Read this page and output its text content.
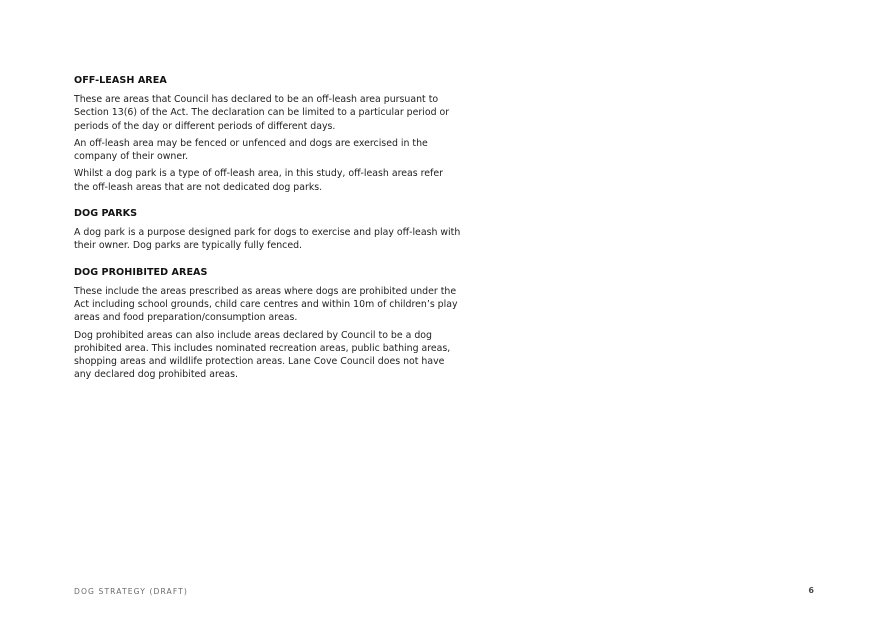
OFF-LEASH AREA

These are areas that Council has declared to be an off-leash area pursuant to
Section 13(6) of the Act. The declaration can be limited to a particular period or
periods of the day or different periods of different days.

An off-leash area may be fenced or unfenced and dogs are exercised in the
company of their owner.

Whilst a dog park is a type of off-leash area, in this study, off-leash areas refer
the off-leash areas that are not dedicated dog parks.

DOG PARKS

A dog park is a purpose designed park for dogs to exercise and play off-leash with
their owner. Dog parks are typically fully fenced.

DOG PROHIBITED AREAS

These include the areas prescribed as areas where dogs are prohibited under the
Act including school grounds, child care centres and within 10m of children’s play
areas and food preparation/consumption areas.

Dog prohibited areas can also include areas declared by Council to be a dog
prohibited area. This includes nominated recreation areas, public bathing areas,
shopping areas and wildlife protection areas. Lane Cove Council does not have
any declared dog prohibited areas.

DOG STRATEGY (DRAFT)	6
